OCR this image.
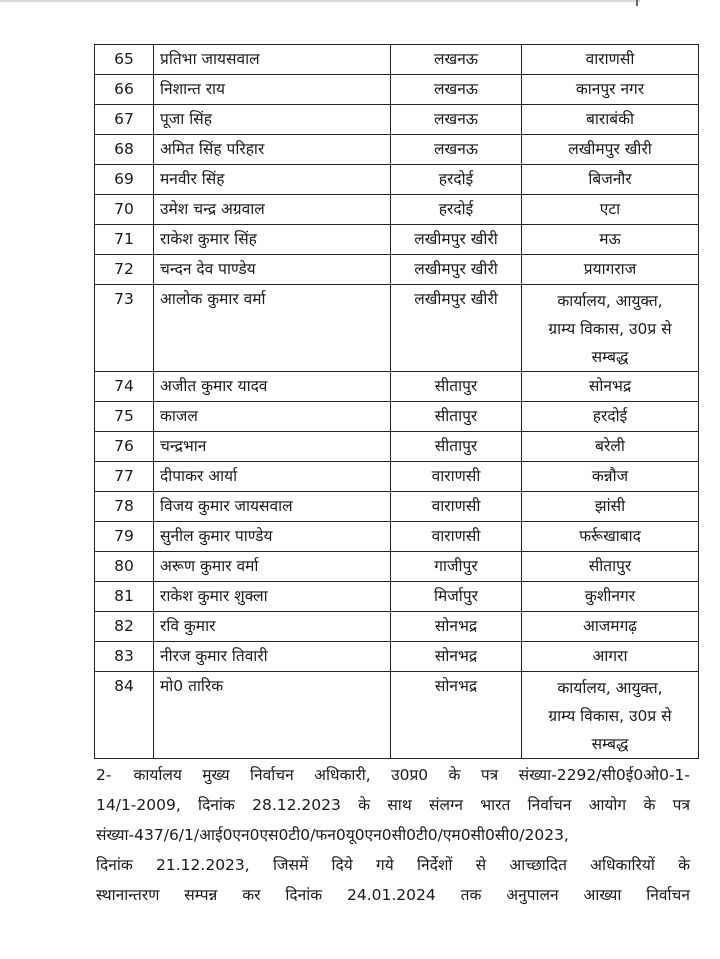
65	प्रतिभा जायसवाल	लखनऊ	वाराणसी
66	निशान्त राय	लखनऊ	कानपुर नगर
67	पूजा सिंह	लखनऊ	बाराबंकी
68	अमित सिंह परिहार	लखनऊ	लखीमपुर खीरी
69	मनवीर सिंह	हरदोई	बिजनौर
70	उमेश चन्द्र अग्रवाल	हरदोई	एटा
71	राकेश कुमार सिंह	लखीमपुर खीरी	मऊ
72	चन्दन देव पाण्डेय	लखीमपुर खीरी	प्रयागराज
73	आलोक कुमार वर्मा	लखीमपुर खीरी	कार्यालय, आयुक्त,
ग्राम्य विकास, उ0प्र से
सम्बद्ध

74	अजीत कुमार यादव	सीतापुर	सोनभद्र
75	काजल	सीतापुर	हरदोई
76	चन्द्रभान	सीतापुर	बरेली
77	दीपाकर आर्या	वाराणसी	कन्नौज
78	विजय कुमार जायसवाल	वाराणसी	झांसी
79	सुनील कुमार पाण्डेय	वाराणसी	फर्रूखाबाद
80	अरूण कुमार वर्मा	गाजीपुर	सीतापुर
81	राकेश कुमार शुक्ला	मिर्जापुर	कुशीनगर
82	रवि कुमार	सोनभद्र	आजमगढ़
83	नीरज कुमार तिवारी	सोनभद्र	आगरा
84	मो0 तारिक	सोनभद्र	कार्यालय, आयुक्त,
ग्राम्य विकास, उ0प्र से
सम्बद्ध
2- कार्यालय मुख्य निर्वाचन अधिकारी, उ0प्र0 के पत्र संख्या-2292/सी0ई0ओ0-1-
14/1-2009, दिनांक 28.12.2023 के साथ संलग्न भारत निर्वाचन आयोग के पत्र
संख्या-437/6/1/आई0एन0एस0टी0/फन0यू0एन0सी0टी0/एम0सी0सी0/2023,
दिनांक 21.12.2023, जिसमें दिये गये निर्देशों से आच्छादित अधिकारियों के
स्थानान्तरण सम्पन्न कर दिनांक 24.01.2024 तक अनुपालन आख्या निर्वाचन
